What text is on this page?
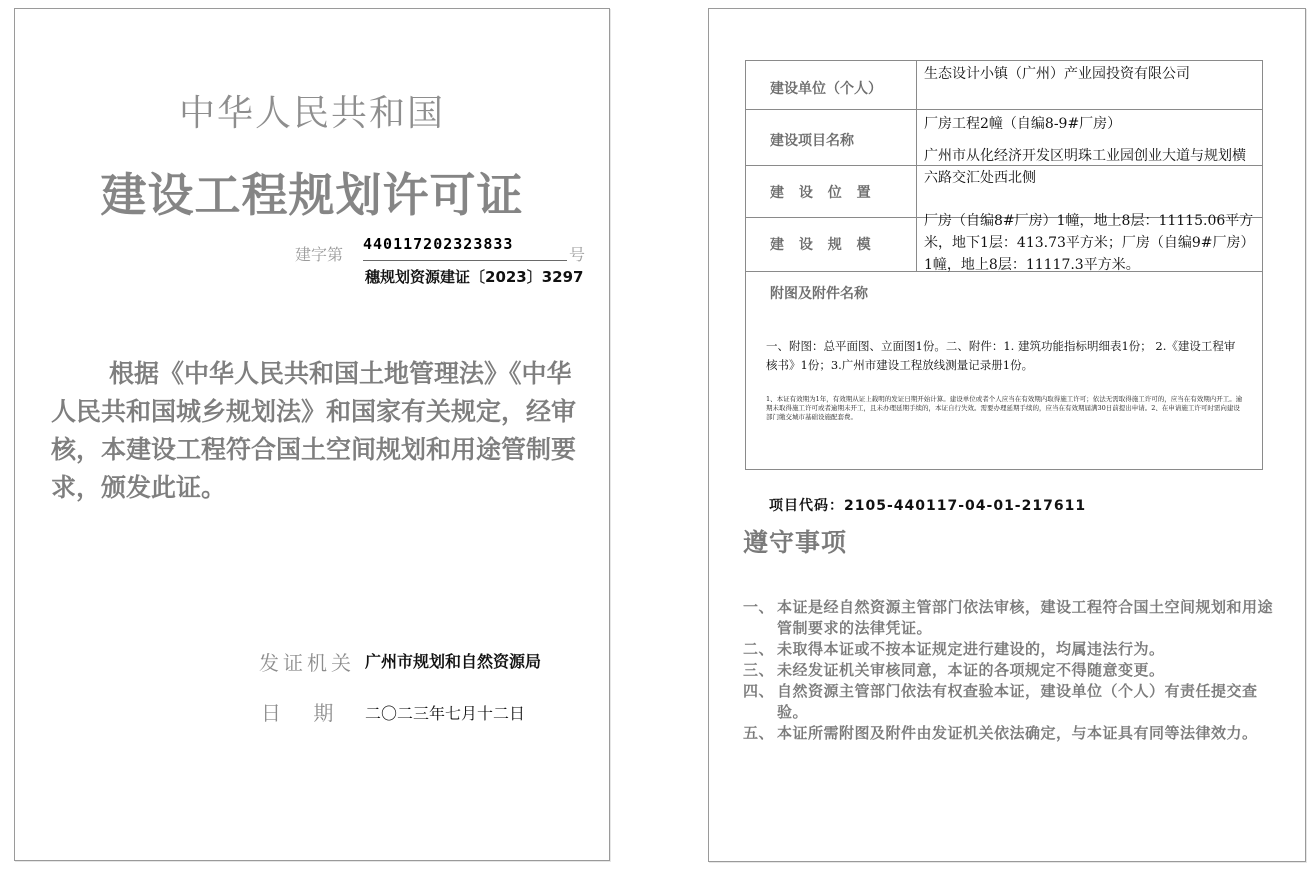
中华人民共和国
建设工程规划许可证
建字第
440117202323833
号
穗规划资源建证〔2023〕3297
根据《中华人民共和国土地管理法》《中华人民共和国城乡规划法》和国家有关规定，经审核，本建设工程符合国土空间规划和用途管制要求，颁发此证。
发证机关 广州市规划和自然资源局
日 期 二〇二三年七月十二日
建设单位（个人）
生态设计小镇（广州）产业园投资有限公司
建设项目名称
厂房工程2幢（自编8-9#厂房）
建 设 位 置
广州市从化经济开发区明珠工业园创业大道与规划横六路交汇处西北侧
建 设 规 模
厂房（自编8#厂房）1幢，地上8层：11115.06平方米，地下1层：413.73平方米；厂房（自编9#厂房）1幢，地上8层：11117.3平方米。
附图及附件名称
一、附图：总平面图、立面图1份。二、附件：1. 建筑功能指标明细表1份； 2.《建设工程审核书》1份；3.广州市建设工程放线测量记录册1份。
1、本证有效期为1年，有效期从证上载明的发证日期开始计算。建设单位或者个人应当在有效期内取得施工许可；依法无需取得施工许可的，应当在有效期内开工。逾期未取得施工许可或者逾期未开工，且未办理延期手续的，本证自行失效。需要办理延期手续的，应当在有效期届满30日前提出申请。2、在申请施工许可时需向建设部门缴交城市基础设施配套费。
项目代码：2105-440117-04-01-217611
遵守事项
一、 本证是经自然资源主管部门依法审核，建设工程符合国土空间规划和用途管制要求的法律凭证。
二、 未取得本证或不按本证规定进行建设的，均属违法行为。
三、 未经发证机关审核同意，本证的各项规定不得随意变更。
四、 自然资源主管部门依法有权查验本证，建设单位（个人）有责任提交查验。
五、 本证所需附图及附件由发证机关依法确定，与本证具有同等法律效力。
